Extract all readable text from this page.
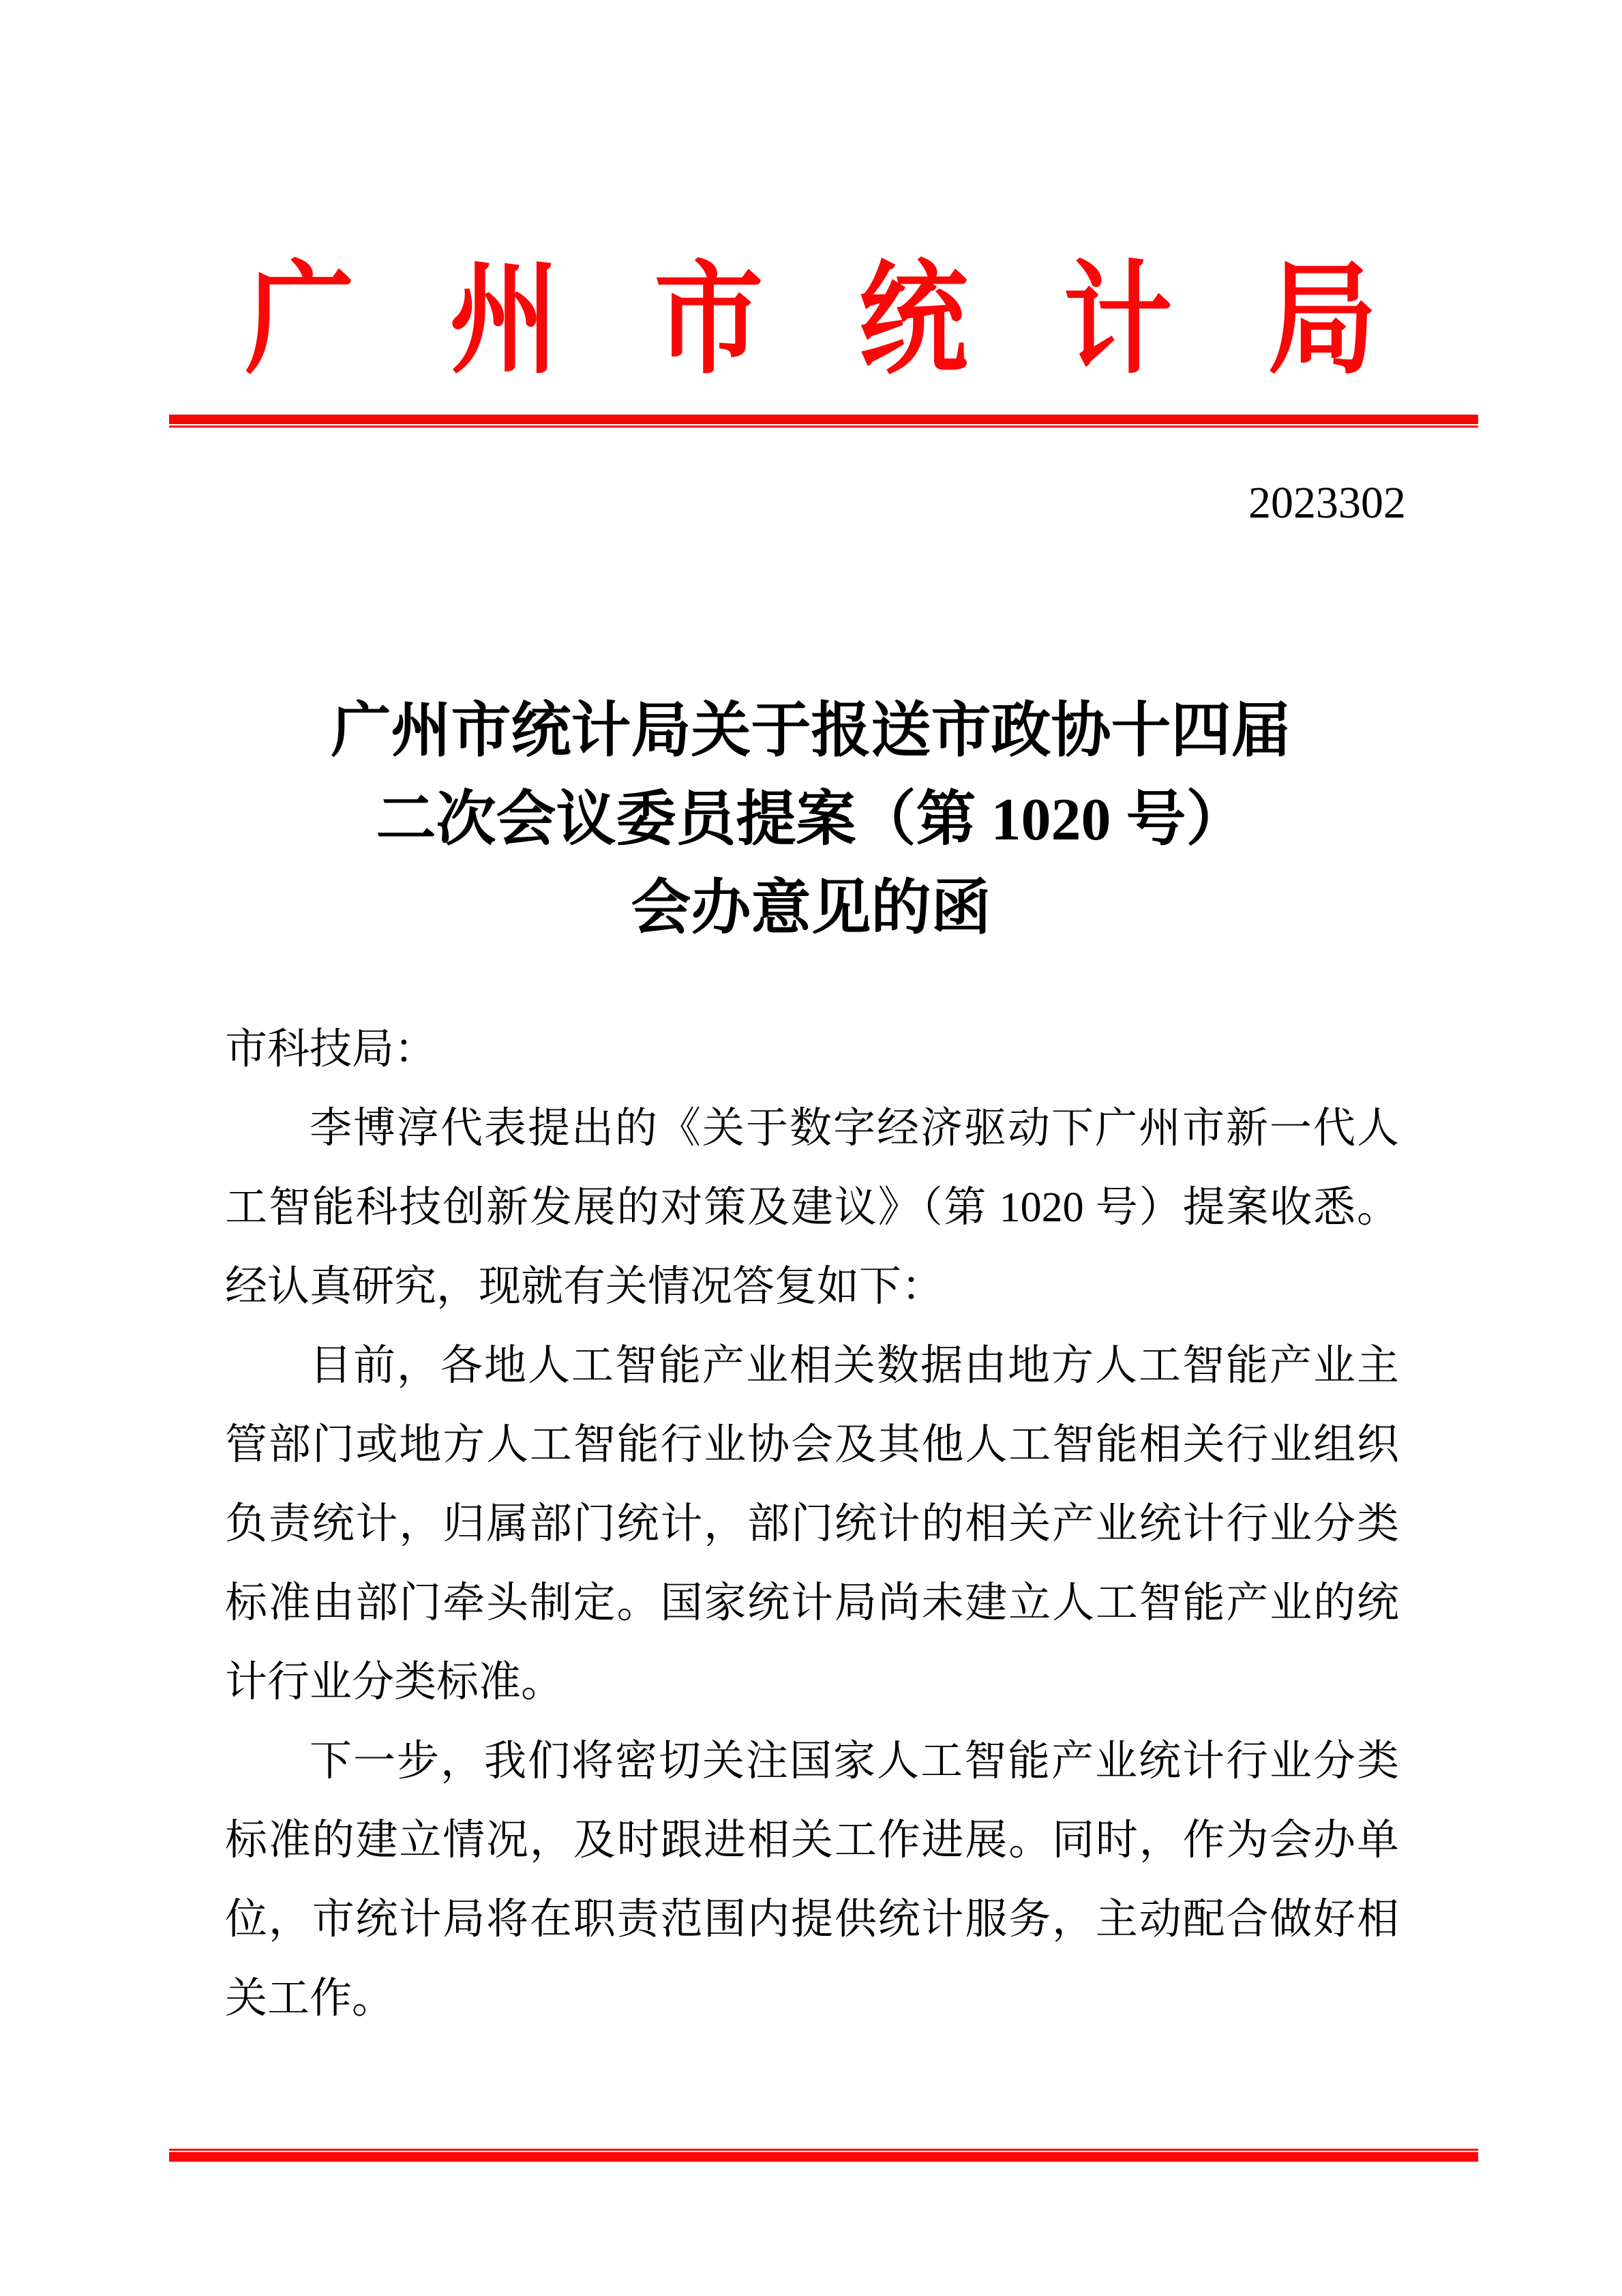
广州市统计局
2023302
广州市统计局关于报送市政协十四届
二次会议委员提案（第 1020 号）
会办意见的函
市科技局：
李博淳代表提出的《关于数字经济驱动下广州市新一代人
工智能科技创新发展的对策及建议》（第 1020 号）提案收悉。
经认真研究，现就有关情况答复如下：
目前，各地人工智能产业相关数据由地方人工智能产业主
管部门或地方人工智能行业协会及其他人工智能相关行业组织
负责统计，归属部门统计，部门统计的相关产业统计行业分类
标准由部门牵头制定。国家统计局尚未建立人工智能产业的统
计行业分类标准。
下一步，我们将密切关注国家人工智能产业统计行业分类
标准的建立情况，及时跟进相关工作进展。同时，作为会办单
位，市统计局将在职责范围内提供统计服务，主动配合做好相
关工作。
